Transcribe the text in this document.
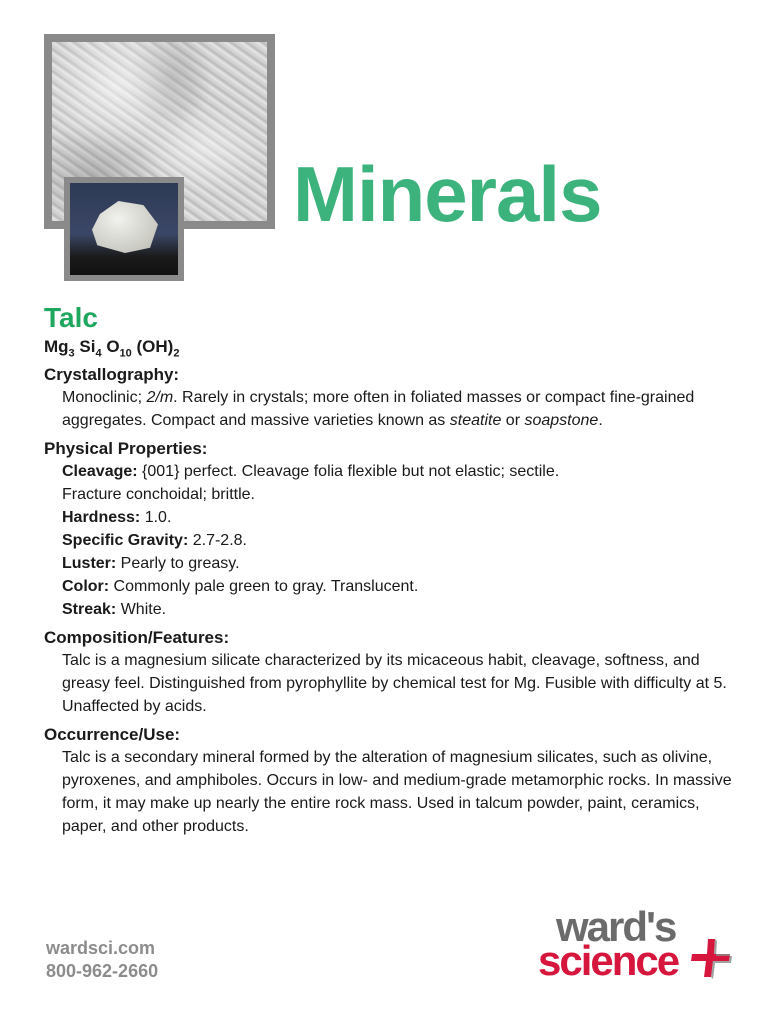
Minerals
Talc
$Mg_3$ $Si_4$ $O_{10}$ $(OH)_2$
Crystallography:
Monoclinic; 2/m. Rarely in crystals; more often in foliated masses or compact fine-grained aggregates. Compact and massive varieties known as steatite or soapstone.
Physical Properties:
Cleavage: {001} perfect. Cleavage folia flexible but not elastic; sectile.
Fracture conchoidal; brittle.
Hardness: 1.0.
Specific Gravity: 2.7-2.8.
Luster: Pearly to greasy.
Color: Commonly pale green to gray. Translucent.
Streak: White.
Composition/Features:
Talc is a magnesium silicate characterized by its micaceous habit, cleavage, softness, and greasy feel. Distinguished from pyrophyllite by chemical test for Mg. Fusible with difficulty at 5. Unaffected by acids.
Occurrence/Use:
Talc is a secondary mineral formed by the alteration of magnesium silicates, such as olivine, pyroxenes, and amphiboles. Occurs in low- and medium-grade metamorphic rocks. In massive form, it may make up nearly the entire rock mass. Used in talcum powder, paint, ceramics, paper, and other products.
wardsci.com
800-962-2660
ward's
science
